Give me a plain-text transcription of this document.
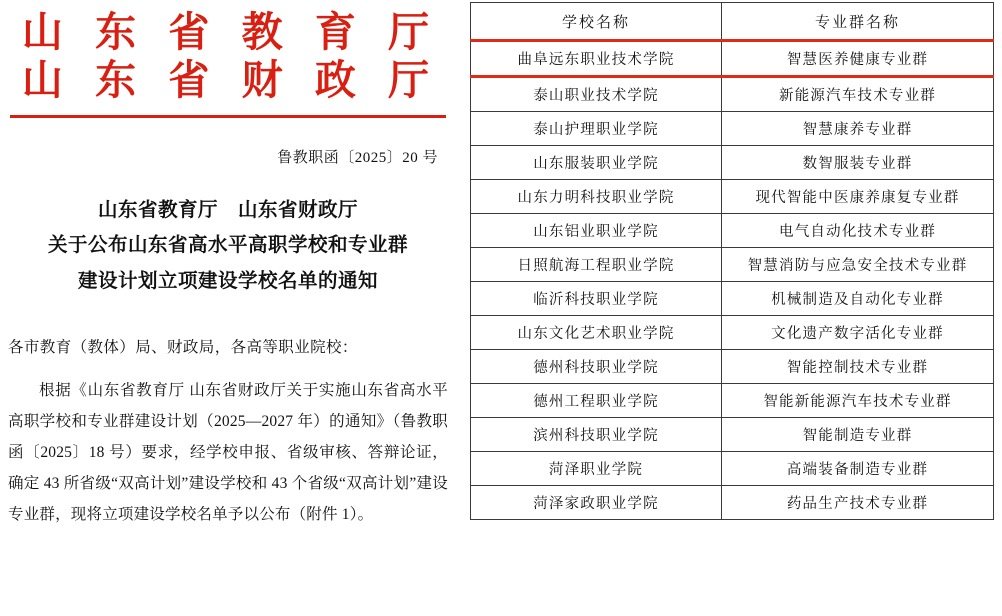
山 东 省 教 育 厅
山 东 省 财 政 厅
鲁教职函〔2025〕20 号
山东省教育厅　山东省财政厅
关于公布山东省高水平高职学校和专业群
建设计划立项建设学校名单的通知
各市教育（教体）局、财政局，各高等职业院校：
根据《山东省教育厅 山东省财政厅关于实施山东省高水平高职学校和专业群建设计划（2025—2027 年）的通知》（鲁教职函〔2025〕18 号）要求，经学校申报、省级审核、答辩论证，确定 43 所省级“双高计划”建设学校和 43 个省级“双高计划”建设专业群，现将立项建设学校名单予以公布（附件 1）。
学校名称	专业群名称
曲阜远东职业技术学院	智慧医养健康专业群
泰山职业技术学院	新能源汽车技术专业群
泰山护理职业学院	智慧康养专业群
山东服装职业学院	数智服装专业群
山东力明科技职业学院	现代智能中医康养康复专业群
山东铝业职业学院	电气自动化技术专业群
日照航海工程职业学院	智慧消防与应急安全技术专业群
临沂科技职业学院	机械制造及自动化专业群
山东文化艺术职业学院	文化遗产数字活化专业群
德州科技职业学院	智能控制技术专业群
德州工程职业学院	智能新能源汽车技术专业群
滨州科技职业学院	智能制造专业群
菏泽职业学院	高端装备制造专业群
菏泽家政职业学院	药品生产技术专业群
